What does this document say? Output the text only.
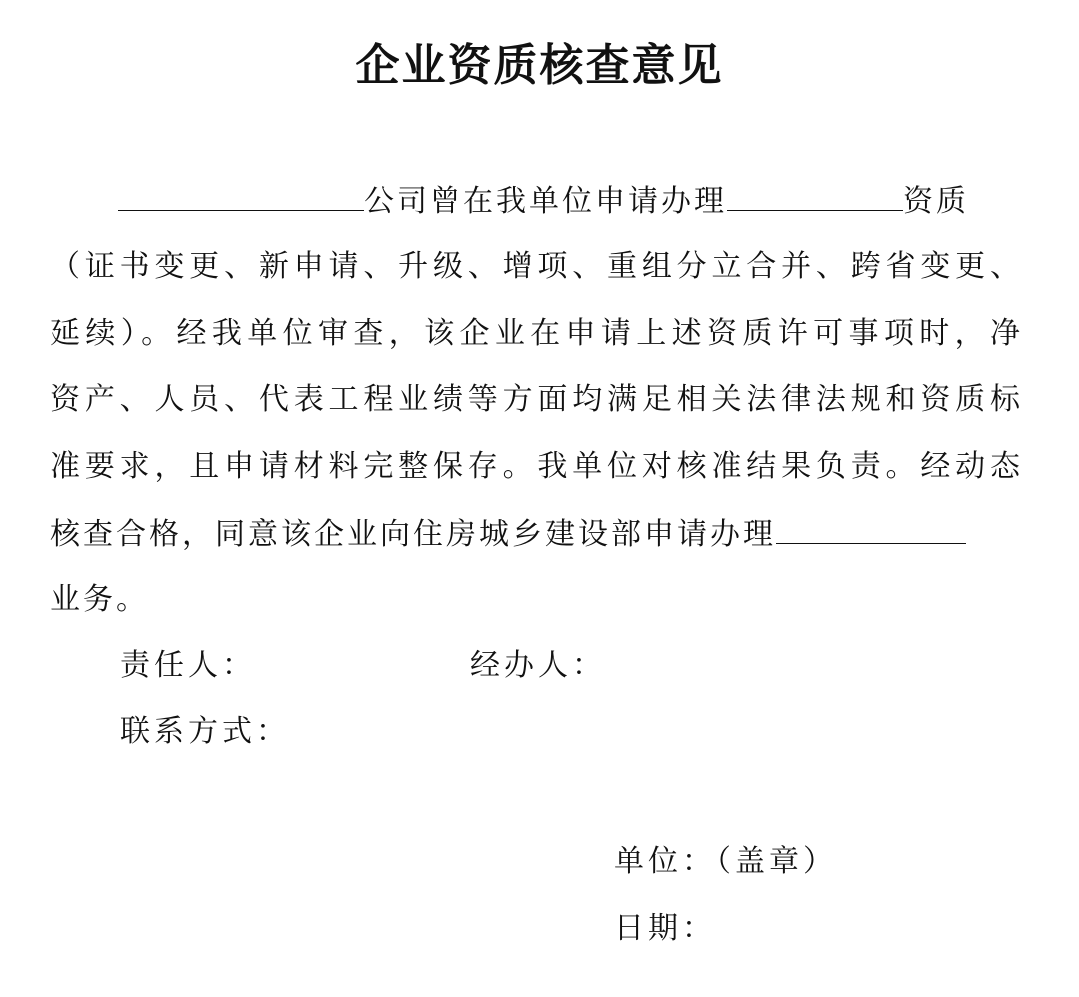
企业资质核查意见
公司曾在我单位申请办理	资质
（证书变更、新申请、升级、增项、重组分立合并、跨省变更、
延续）。经我单位审查，该企业在申请上述资质许可事项时，净
资产、人员、代表工程业绩等方面均满足相关法律法规和资质标
准要求，且申请材料完整保存。我单位对核准结果负责。经动态
核查合格，同意该企业向住房城乡建设部申请办理
业务。
责任人：	经办人：
联系方式：
单位：（盖章）
日期：
